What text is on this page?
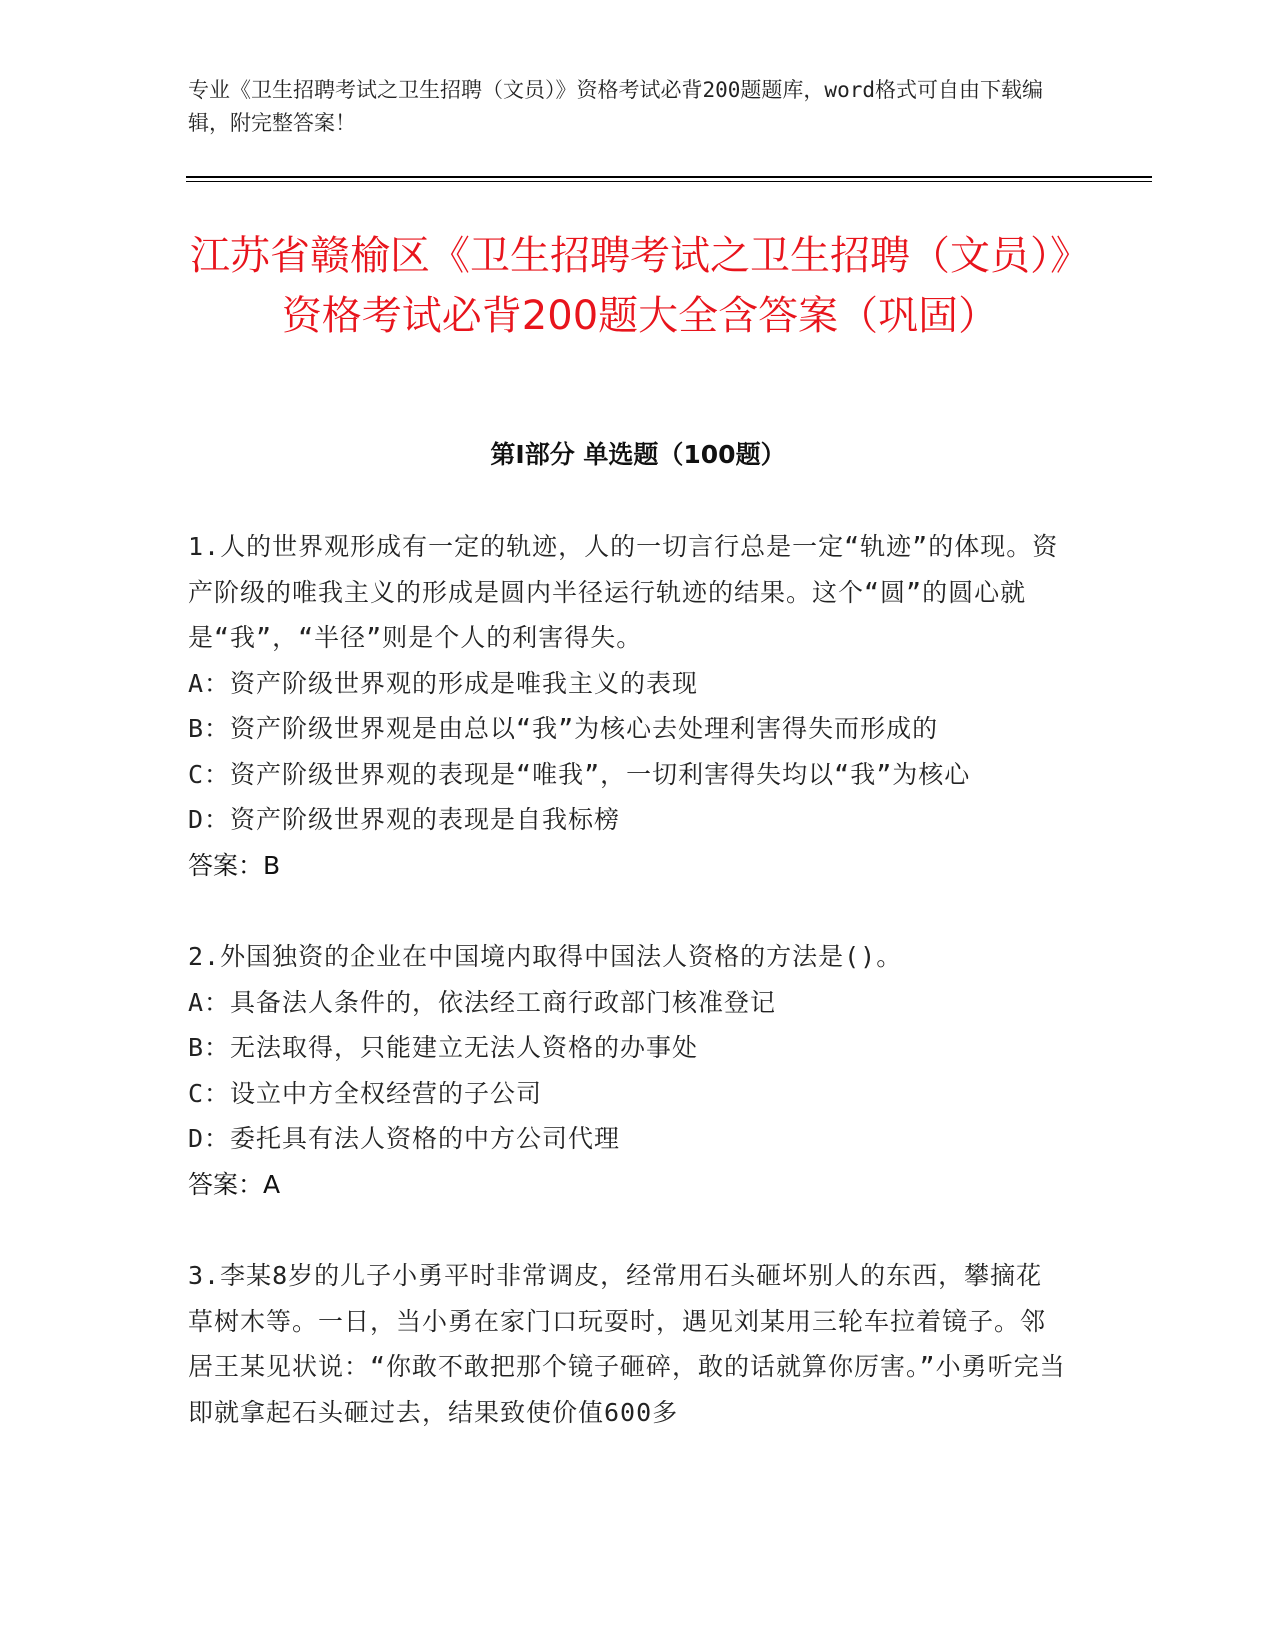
专业《卫生招聘考试之卫生招聘（文员）》资格考试必背200题题库，word格式可自由下载编辑，附完整答案！
江苏省赣榆区《卫生招聘考试之卫生招聘（文员）》资格考试必背200题大全含答案（巩固）
第I部分 单选题（100题）

1.人的世界观形成有一定的轨迹，人的一切言行总是一定“轨迹”的体现。资产阶级的唯我主义的形成是圆内半径运行轨迹的结果。这个“圆”的圆心就是“我”，“半径”则是个人的利害得失。

A：资产阶级世界观的形成是唯我主义的表现

B：资产阶级世界观是由总以“我”为核心去处理利害得失而形成的

C：资产阶级世界观的表现是“唯我”，一切利害得失均以“我”为核心

D：资产阶级世界观的表现是自我标榜

答案：B

2.外国独资的企业在中国境内取得中国法人资格的方法是()。

A：具备法人条件的，依法经工商行政部门核准登记

B：无法取得，只能建立无法人资格的办事处

C：设立中方全权经营的子公司

D：委托具有法人资格的中方公司代理

答案：A

3.李某8岁的儿子小勇平时非常调皮，经常用石头砸坏别人的东西，攀摘花草树木等。一日，当小勇在家门口玩耍时，遇见刘某用三轮车拉着镜子。邻居王某见状说：“你敢不敢把那个镜子砸碎，敢的话就算你厉害。”小勇听完当即就拿起石头砸过去，结果致使价值600多
